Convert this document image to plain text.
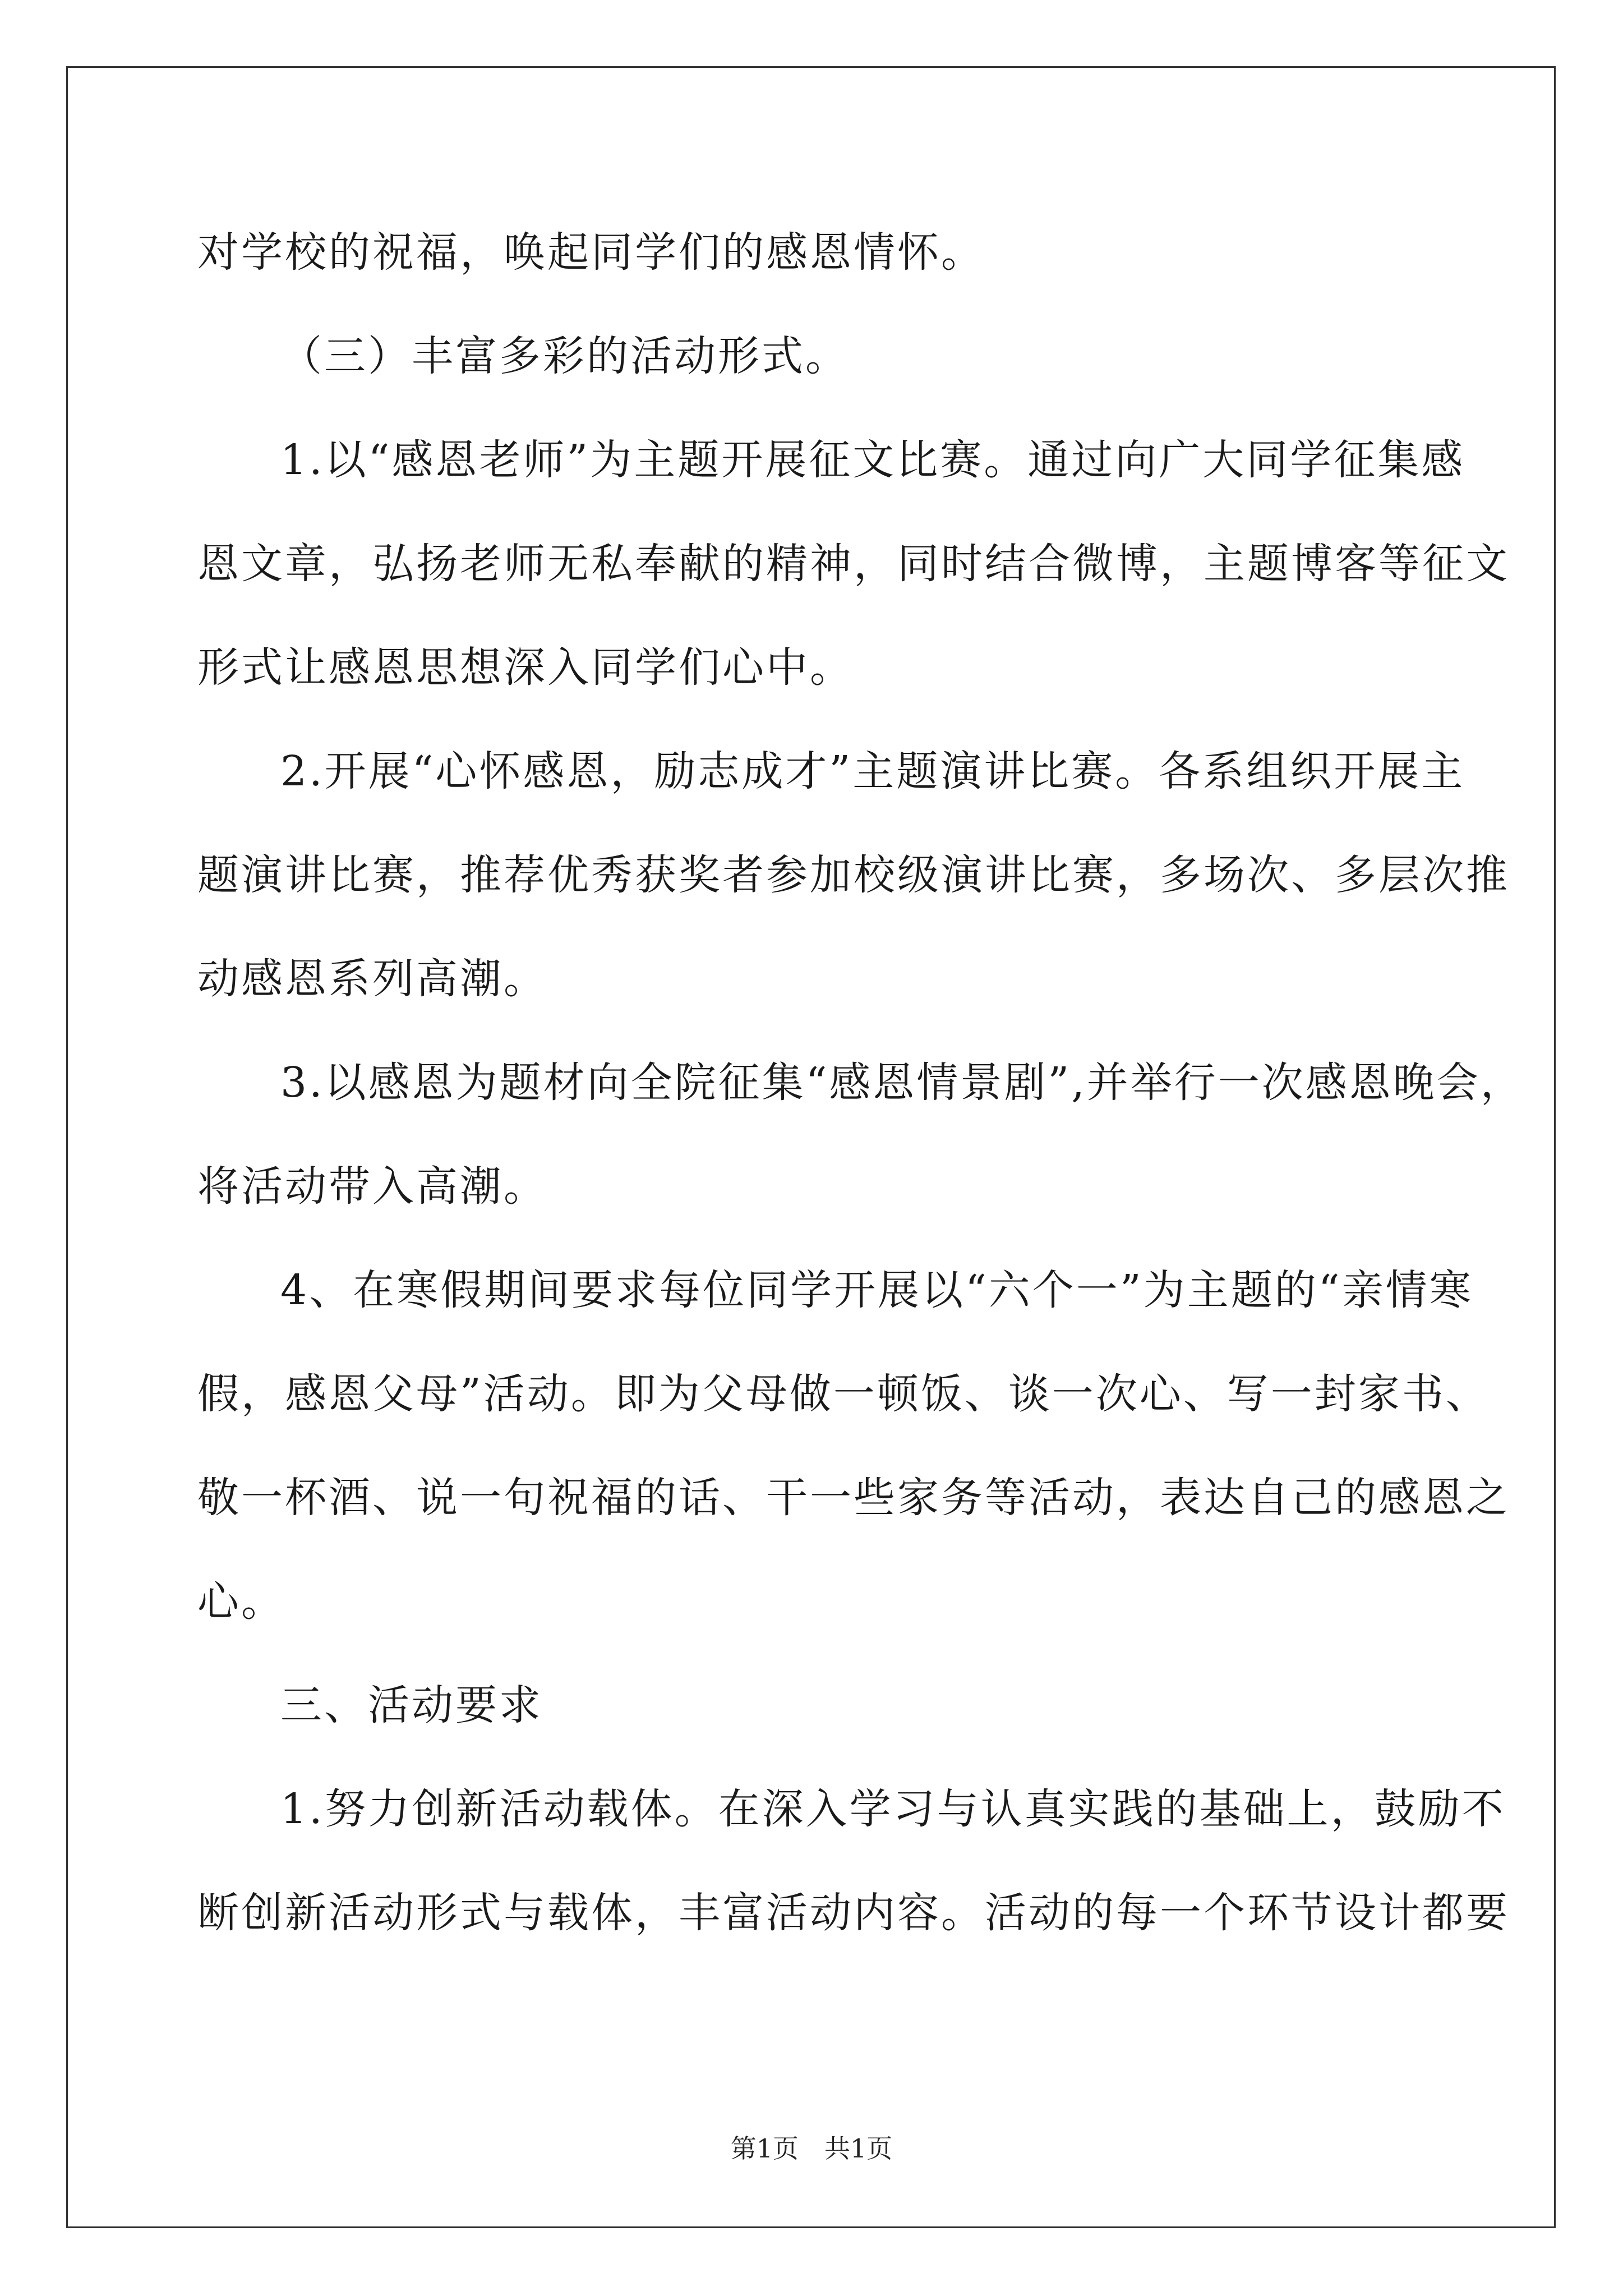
对学校的祝福，唤起同学们的感恩情怀。
（三）丰富多彩的活动形式。
1.以“感恩老师”为主题开展征文比赛。通过向广大同学征集感
恩文章，弘扬老师无私奉献的精神，同时结合微博，主题博客等征文
形式让感恩思想深入同学们心中。
2.开展“心怀感恩，励志成才”主题演讲比赛。各系组织开展主
题演讲比赛，推荐优秀获奖者参加校级演讲比赛，多场次、多层次推
动感恩系列高潮。
3.以感恩为题材向全院征集“感恩情景剧”,并举行一次感恩晚会，
将活动带入高潮。
4、在寒假期间要求每位同学开展以“六个一”为主题的“亲情寒
假，感恩父母”活动。即为父母做一顿饭、谈一次心、写一封家书、
敬一杯酒、说一句祝福的话、干一些家务等活动，表达自己的感恩之
心。
三、活动要求
1.努力创新活动载体。在深入学习与认真实践的基础上，鼓励不
断创新活动形式与载体，丰富活动内容。活动的每一个环节设计都要
第1页　共1页
